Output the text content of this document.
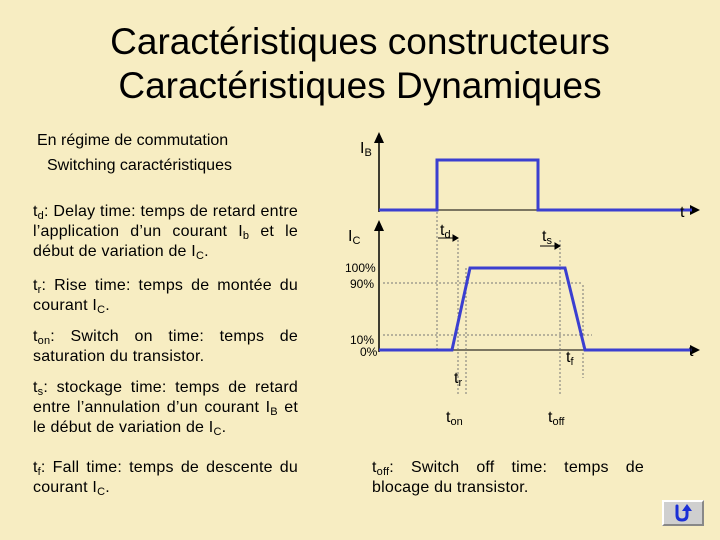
Caractéristiques constructeurs
Caractéristiques Dynamiques
En régime de commutation
Switching caractéristiques
$t_d$: Delay time: temps de retard entre l’application d’un courant $I_b$ et le début de variation de $I_C$.
$t_r$: Rise time: temps de montée du courant $I_C$.
$t_{on}$: Switch on time: temps de saturation du transistor.
$t_s$: stockage time: temps de retard entre l’annulation d’un courant $I_B$ et le début de variation de $I_C$.
$t_f$: Fall time: temps de descente du courant $I_C$.
$I_B$
t
$I_C$
$t_d$	$t_s$
100%
90%
10%
0%	t
$t_f$
$t_r$
$t_{on}$	$t_{off}$
$t_{off}$: Switch off time: temps de blocage du transistor.
